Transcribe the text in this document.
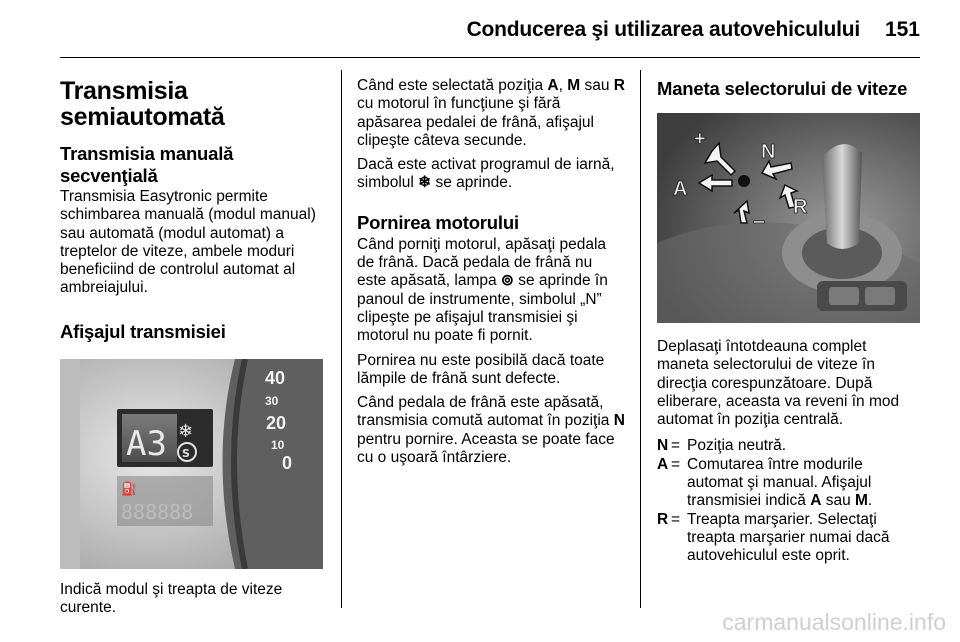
Conducerea şi utilizarea autovehiculului 151
Transmisia
semiautomată
Transmisia manuală
secvenţială

Transmisia Easytronic permite schimbarea manuală (modul manual) sau automată (modul automat) a treptelor de viteze, ambele moduri beneficiind de controlul automat al ambreiajului.

Afişajul transmisiei
A3 ❄
S
⛽
888888
40
30
20
10
0

Indică modul şi treapta de viteze curente.

Când este selectată poziţia A, M sau R cu motorul în funcţiune şi fără apăsarea pedalei de frână, afişajul clipeşte câteva secunde.

Dacă este activat programul de iarnă, simbolul ❄ se aprinde.

Pornirea motorului

Când porniţi motorul, apăsaţi pedala de frână. Dacă pedala de frână nu este apăsată, lampa ⊚ se aprinde în panoul de instrumente, simbolul „N” clipeşte pe afişajul transmisiei şi motorul nu poate fi pornit.

Pornirea nu este posibilă dacă toate lămpile de frână sunt defecte.

Când pedala de frână este apăsată, transmisia comută automat în poziţia N pentru pornire. Aceasta se poate face cu o uşoară întârziere.

Maneta selectorului de viteze
+
N
A
R
–

Deplasaţi întotdeauna complet maneta selectorului de viteze în direcţia corespunzătoare. După eliberare, aceasta va reveni în mod automat în poziţia centrală.

N = Poziţia neutră.
A = Comutarea între modurile automat şi manual. Afişajul transmisiei indică A sau M.
R = Treapta marşarier. Selectaţi treapta marşarier numai dacă autovehiculul este oprit.
carmanualsonline.info
